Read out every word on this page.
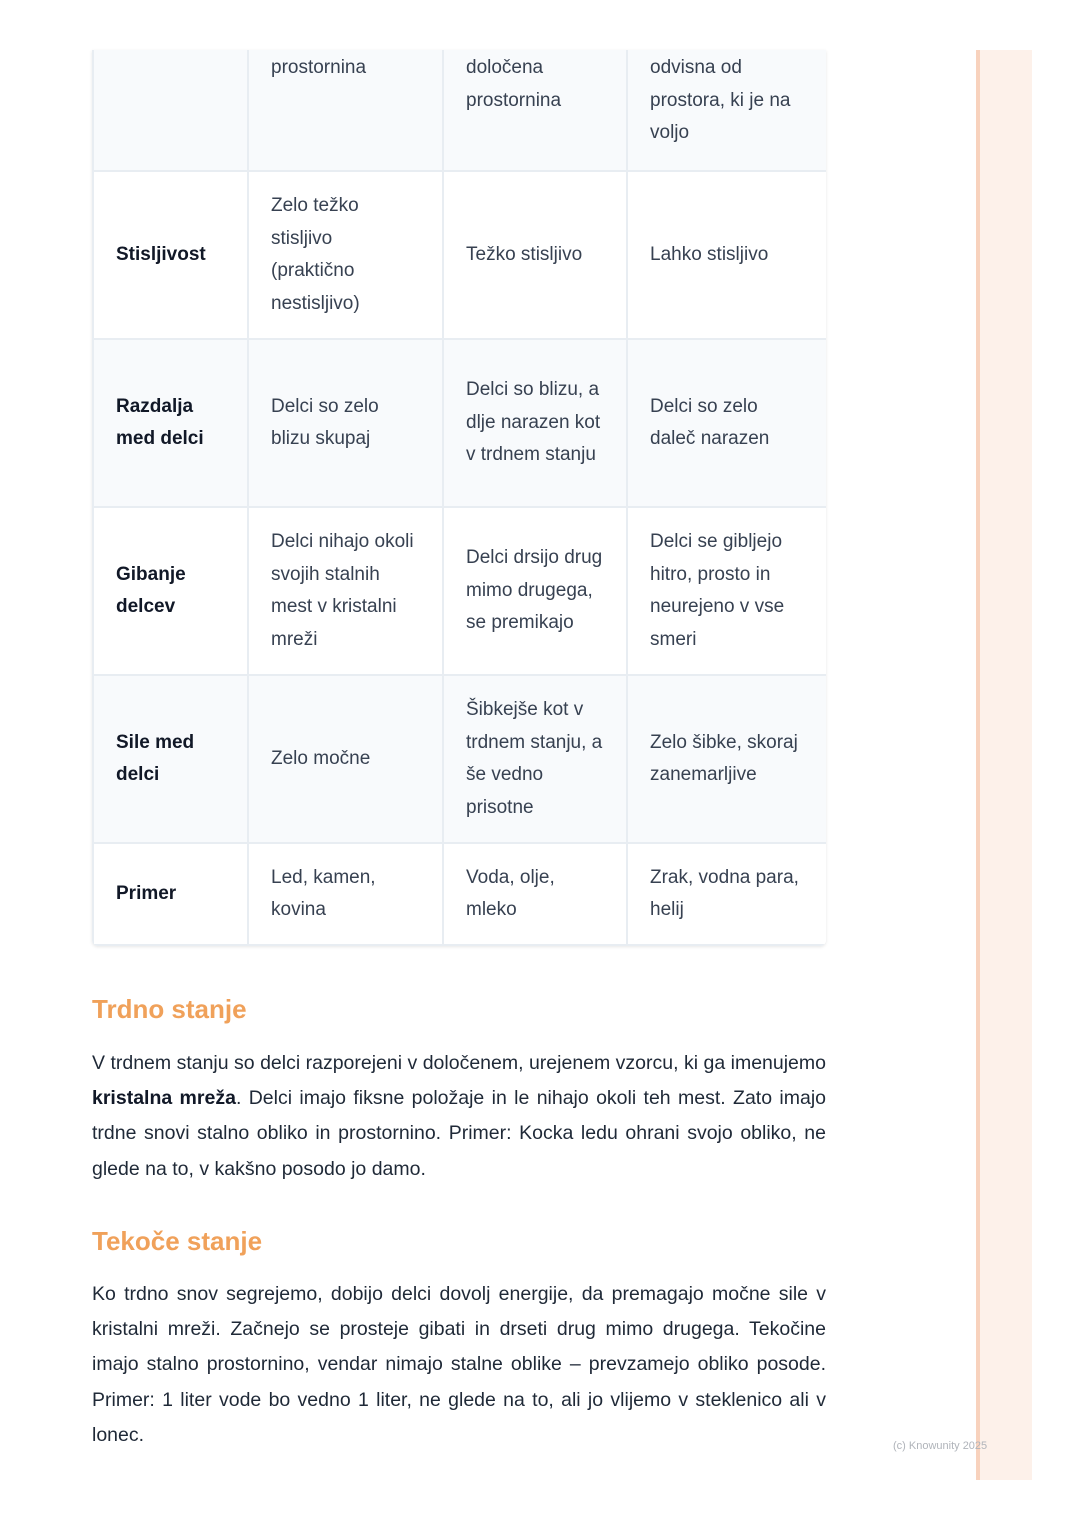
	prostornina	določena prostornina	odvisna od prostora, ki je na voljo
Stisljivost	Zelo težko stisljivo (praktično nestisljivo)	Težko stisljivo	Lahko stisljivo
Razdalja med delci	Delci so zelo blizu skupaj	Delci so blizu, a dlje narazen kot v trdnem stanju	Delci so zelo daleč narazen
Gibanje delcev	Delci nihajo okoli svojih stalnih mest v kristalni mreži	Delci drsijo drug mimo drugega, se premikajo	Delci se gibljejo hitro, prosto in neurejeno v vse smeri
Sile med delci	Zelo močne	Šibkejše kot v trdnem stanju, a še vedno prisotne	Zelo šibke, skoraj zanemarljive
Primer	Led, kamen, kovina	Voda, olje, mleko	Zrak, vodna para, helij
Trdno stanje

V trdnem stanju so delci razporejeni v določenem, urejenem vzorcu, ki ga imenujemo kristalna mreža. Delci imajo fiksne položaje in le nihajo okoli teh mest. Zato imajo trdne snovi stalno obliko in prostornino. Primer: Kocka ledu ohrani svojo obliko, ne glede na to, v kakšno posodo jo damo.

Tekoče stanje

Ko trdno snov segrejemo, dobijo delci dovolj energije, da premagajo močne sile v kristalni mreži. Začnejo se prosteje gibati in drseti drug mimo drugega. Tekočine imajo stalno prostornino, vendar nimajo stalne oblike – prevzamejo obliko posode. Primer: 1 liter vode bo vedno 1 liter, ne glede na to, ali jo vlijemo v steklenico ali v lonec.

(c) Knowunity 2025
